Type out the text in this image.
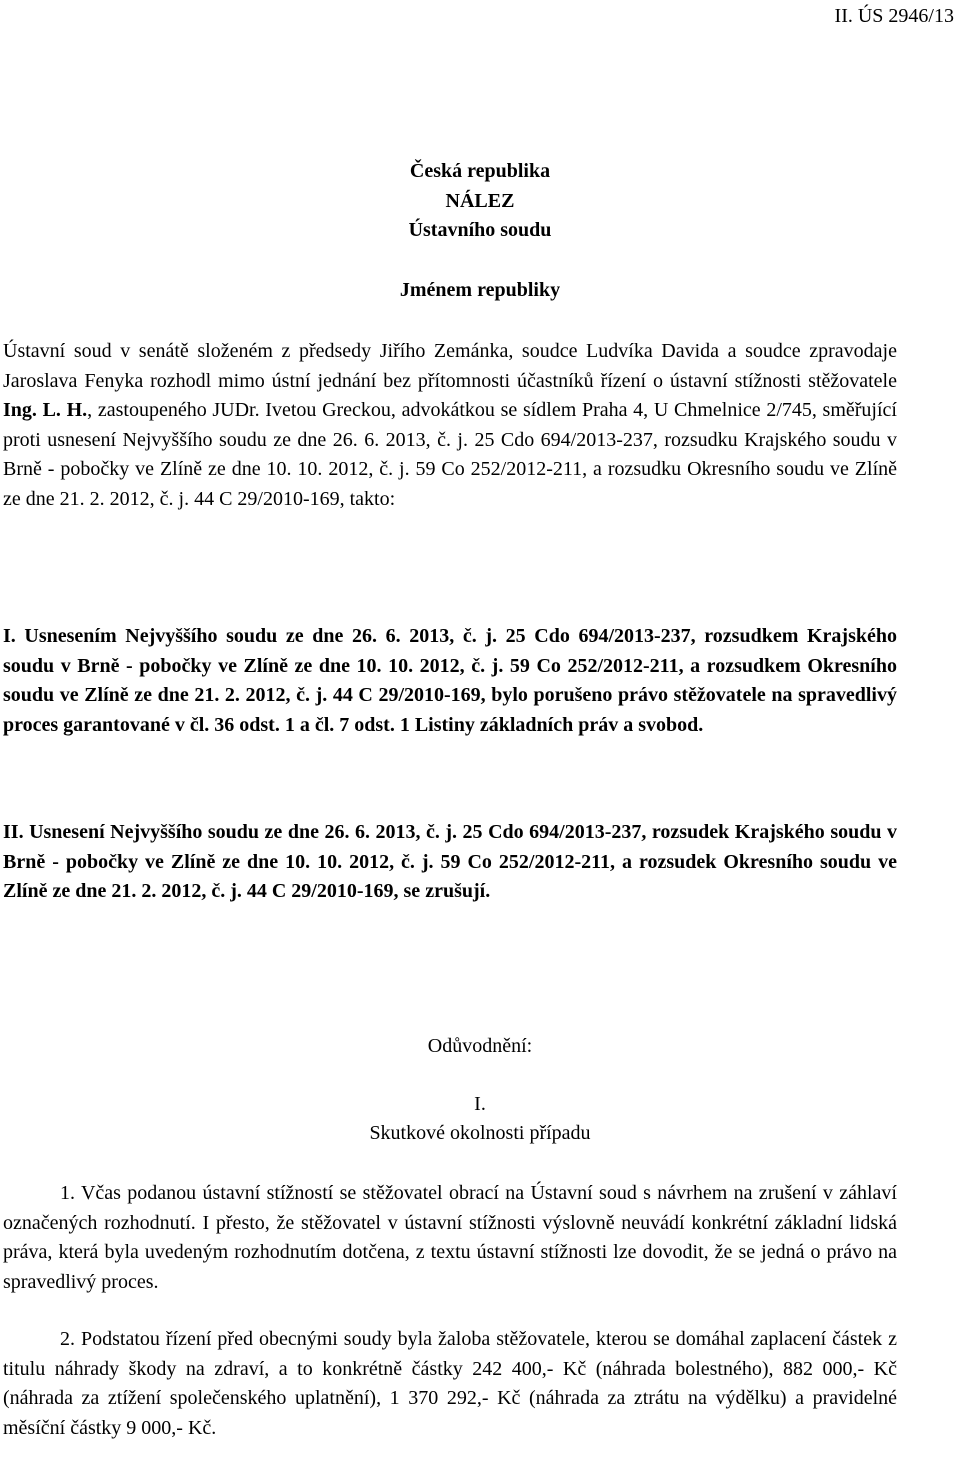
II. ÚS 2946/13
Česká republika
NÁLEZ
Ústavního soudu
Jménem republiky
Ústavní soud v senátě složeném z předsedy Jiřího Zemánka, soudce Ludvíka Davida a soudce zpravodaje Jaroslava Fenyka rozhodl mimo ústní jednání bez přítomnosti účastníků řízení o ústavní stížnosti stěžovatele Ing. L. H., zastoupeného JUDr. Ivetou Greckou, advokátkou se sídlem Praha 4, U Chmelnice 2/745, směřující proti usnesení Nejvyššího soudu ze dne 26. 6. 2013, č. j. 25 Cdo 694/2013-237, rozsudku Krajského soudu v Brně - pobočky ve Zlíně ze dne 10. 10. 2012, č. j. 59 Co 252/2012-211, a rozsudku Okresního soudu ve Zlíně ze dne 21. 2. 2012, č. j. 44 C 29/2010-169, takto:
I. Usnesením Nejvyššího soudu ze dne 26. 6. 2013, č. j. 25 Cdo 694/2013-237, rozsudkem Krajského soudu v Brně - pobočky ve Zlíně ze dne 10. 10. 2012, č. j. 59 Co 252/2012-211, a rozsudkem Okresního soudu ve Zlíně ze dne 21. 2. 2012, č. j. 44 C 29/2010-169, bylo porušeno právo stěžovatele na spravedlivý proces garantované v čl. 36 odst. 1 a čl. 7 odst. 1 Listiny základních práv a svobod.
II. Usnesení Nejvyššího soudu ze dne 26. 6. 2013, č. j. 25 Cdo 694/2013-237, rozsudek Krajského soudu v Brně - pobočky ve Zlíně ze dne 10. 10. 2012, č. j. 59 Co 252/2012-211, a rozsudek Okresního soudu ve Zlíně ze dne 21. 2. 2012, č. j. 44 C 29/2010-169, se zrušují.
Odůvodnění:
I.
Skutkové okolnosti případu
1. Včas podanou ústavní stížností se stěžovatel obrací na Ústavní soud s návrhem na zrušení v záhlaví označených rozhodnutí. I přesto, že stěžovatel v ústavní stížnosti výslovně neuvádí konkrétní základní lidská práva, která byla uvedeným rozhodnutím dotčena, z textu ústavní stížnosti lze dovodit, že se jedná o právo na spravedlivý proces.
2. Podstatou řízení před obecnými soudy byla žaloba stěžovatele, kterou se domáhal zaplacení částek z titulu náhrady škody na zdraví, a to konkrétně částky 242 400,- Kč (náhrada bolestného), 882 000,- Kč (náhrada za ztížení společenského uplatnění), 1 370 292,- Kč (náhrada za ztrátu na výdělku) a pravidelné měsíční částky 9 000,- Kč.
